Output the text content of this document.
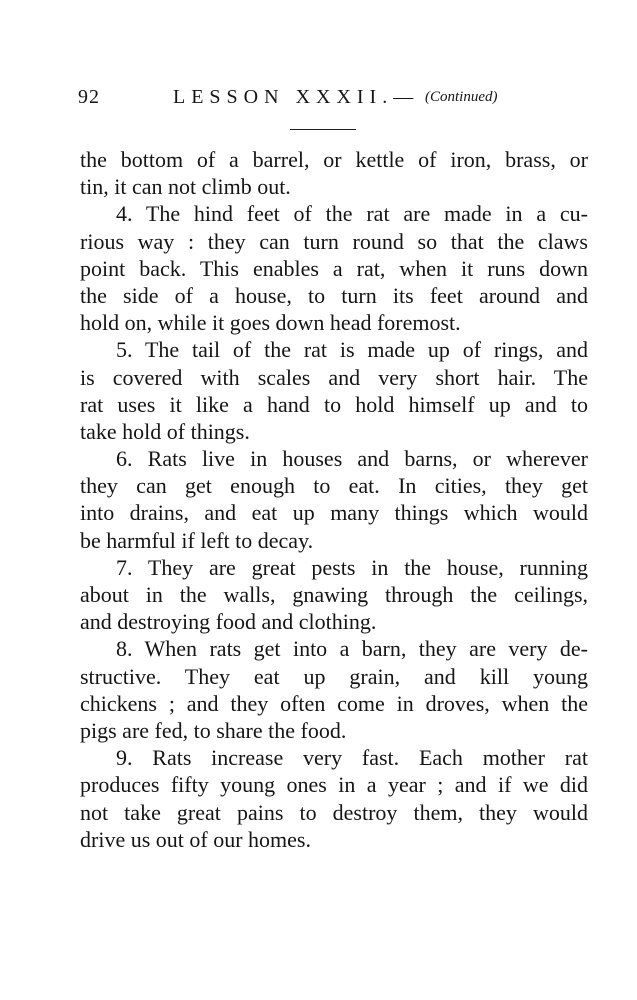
92	LESSON XXXII.— (Continued)
the bottom of a barrel, or kettle of iron, brass, or
tin, it can not climb out.
4. The hind feet of the rat are made in a cu-
rious way : they can turn round so that the claws
point back. This enables a rat, when it runs down
the side of a house, to turn its feet around and
hold on, while it goes down head foremost.
5. The tail of the rat is made up of rings, and
is covered with scales and very short hair. The
rat uses it like a hand to hold himself up and to
take hold of things.
6. Rats live in houses and barns, or wherever
they can get enough to eat. In cities, they get
into drains, and eat up many things which would
be harmful if left to decay.
7. They are great pests in the house, running
about in the walls, gnawing through the ceilings,
and destroying food and clothing.
8. When rats get into a barn, they are very de-
structive. They eat up grain, and kill young
chickens ; and they often come in droves, when the
pigs are fed, to share the food.
9. Rats increase very fast. Each mother rat
produces fifty young ones in a year ; and if we did
not take great pains to destroy them, they would
drive us out of our homes.
